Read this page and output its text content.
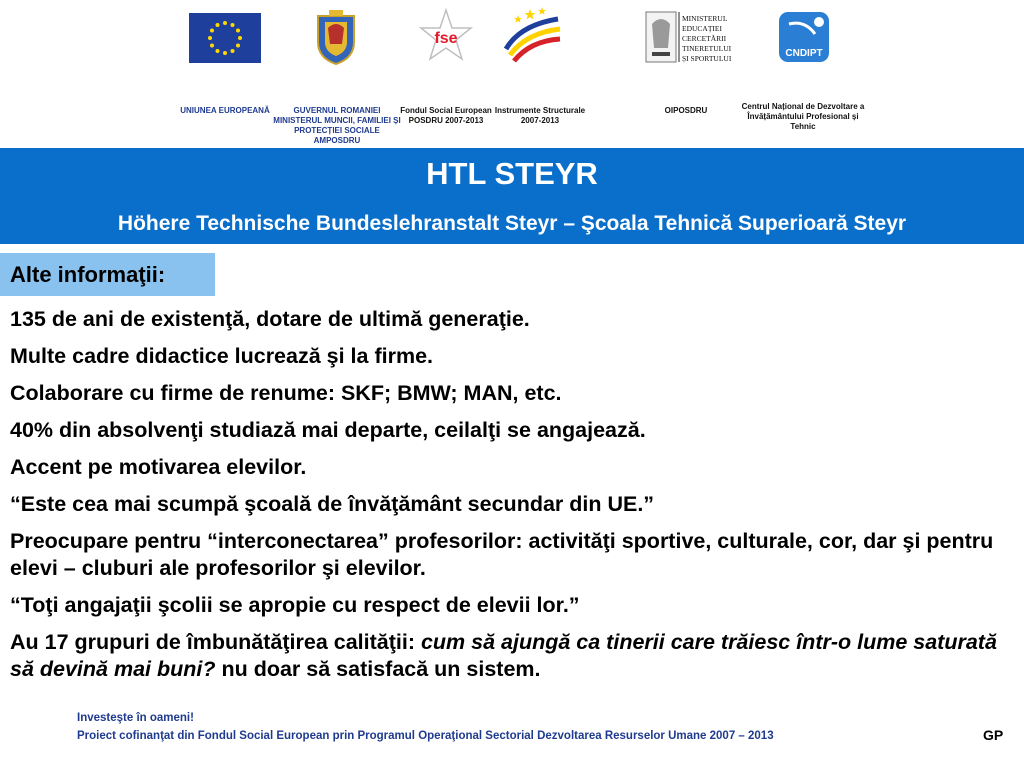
UNIUNEA EUROPEANĂ	GUVERNUL ROMANIEI
MINISTERUL MUNCII, FAMILIEI ȘI
PROTECȚIEI SOCIALE
AMPOSDRU
fse
Fondul Social European
POSDRU 2007-2013
Instrumente Structurale
2007-2013
MINISTERUL
EDUCAȚIEI
CERCETĂRII
TINERETULUI
ȘI SPORTULUI
OIPOSDRU
CNDIPT
Centrul Național de Dezvoltare a
Învățământului Profesional și
Tehnic
HTL STEYR
Höhere Technische Bundeslehranstalt Steyr – Şcoala Tehnică Superioară Steyr
Alte informaţii:
135 de ani de existenţă, dotare de ultimă generaţie.
Multe cadre didactice lucrează şi la firme.
Colaborare cu firme de renume: SKF; BMW; MAN, etc.
40% din absolvenţi studiază mai departe, ceilalţi se angajează.
Accent pe motivarea elevilor.
“Este cea mai scumpă şcoală de învăţământ secundar din UE.”
Preocupare pentru “interconectarea” profesorilor: activităţi sportive, culturale, cor, dar şi pentru elevi – cluburi ale profesorilor şi elevilor.
“Toţi angajaţii şcolii se apropie cu respect de elevii lor.”
Au 17 grupuri de îmbunătăţirea calităţii: cum să ajungă ca tinerii care trăiesc într-o lume saturată să devină mai buni? nu doar să satisfacă un sistem.
Investeşte în oameni!
Proiect cofinanţat din Fondul Social European prin Programul Operaţional Sectorial Dezvoltarea Resurselor Umane 2007 – 2013	GP
